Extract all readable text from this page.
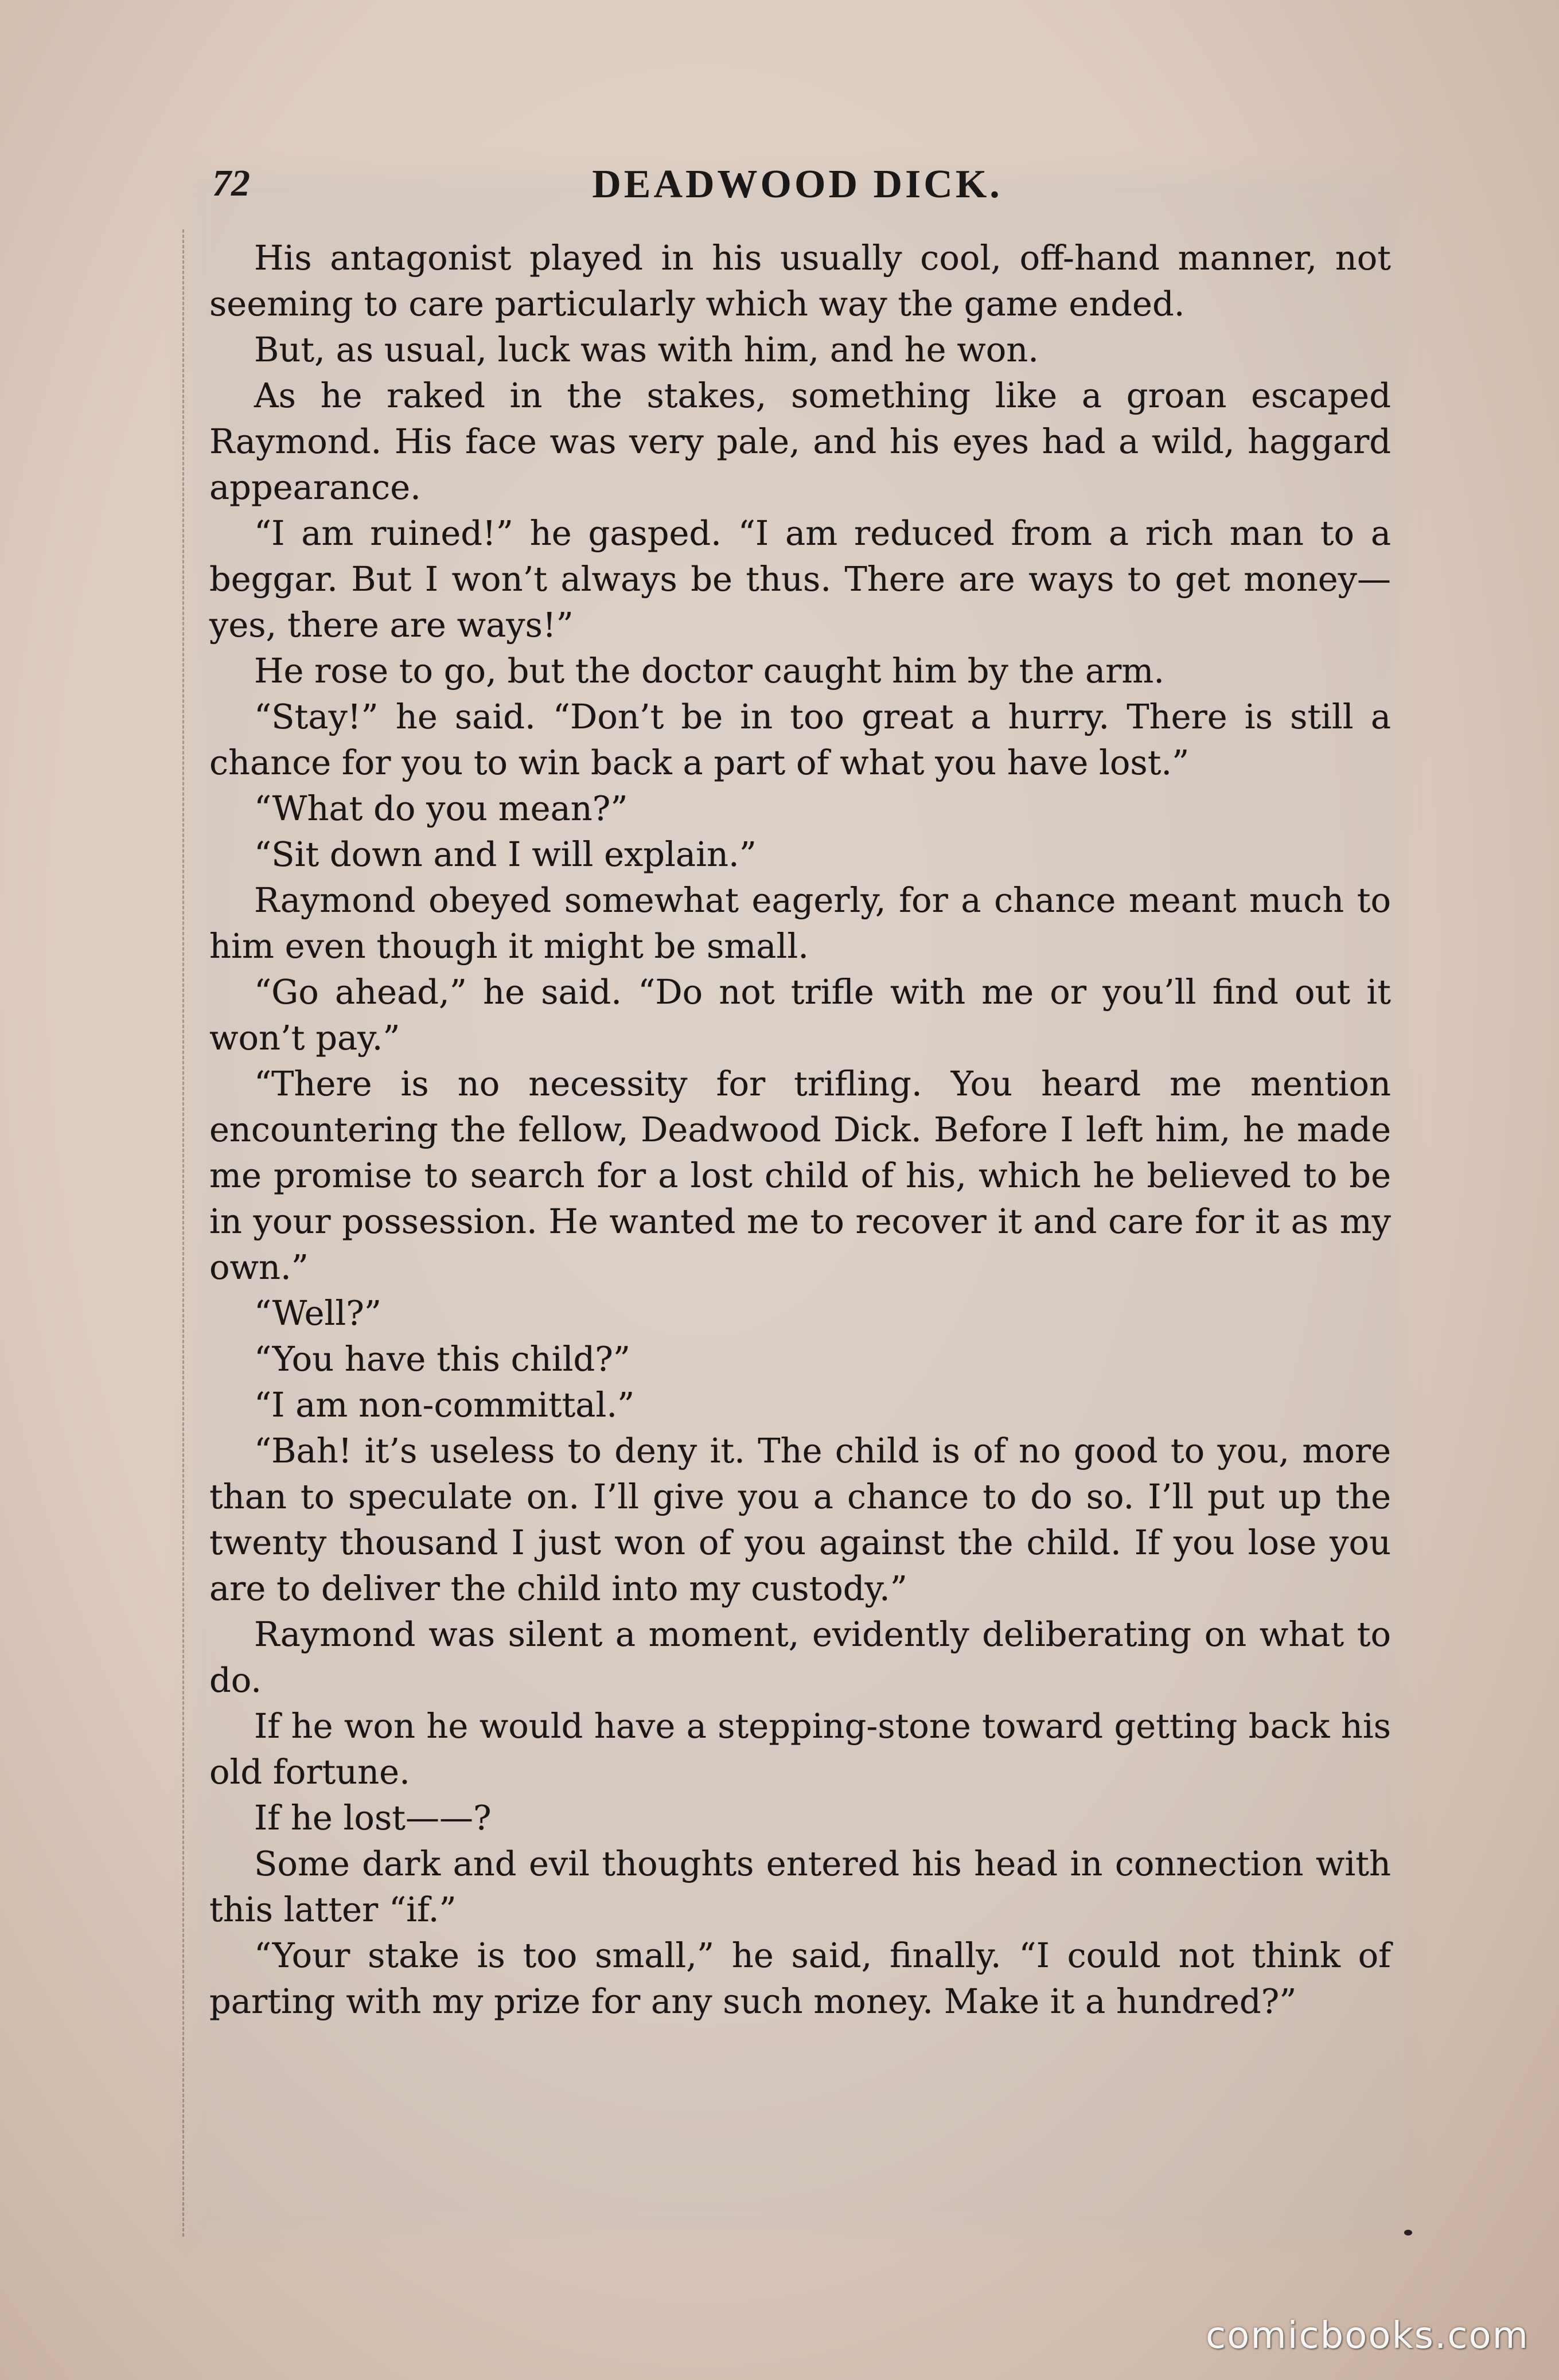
72	DEADWOOD DICK.

His antagonist played in his usually cool, off-hand manner, not seeming to care particularly which way the game ended.

But, as usual, luck was with him, and he won.

As he raked in the stakes, something like a groan escaped Raymond. His face was very pale, and his eyes had a wild, haggard appearance.

“I am ruined!” he gasped. “I am reduced from a rich man to a beggar. But I won’t always be thus. There are ways to get money—yes, there are ways!”

He rose to go, but the doctor caught him by the arm.

“Stay!” he said. “Don’t be in too great a hurry. There is still a chance for you to win back a part of what you have lost.”

“What do you mean?”

“Sit down and I will explain.”

Raymond obeyed somewhat eagerly, for a chance meant much to him even though it might be small.

“Go ahead,” he said. “Do not trifle with me or you’ll find out it won’t pay.”

“There is no necessity for trifling. You heard me mention encountering the fellow, Deadwood Dick. Before I left him, he made me promise to search for a lost child of his, which he believed to be in your possession. He wanted me to recover it and care for it as my own.”

“Well?”

“You have this child?”

“I am non-committal.”

“Bah! it’s useless to deny it. The child is of no good to you, more than to speculate on. I’ll give you a chance to do so. I’ll put up the twenty thousand I just won of you against the child. If you lose you are to deliver the child into my custody.”

Raymond was silent a moment, evidently deliberating on what to do.

If he won he would have a stepping-stone toward getting back his old fortune.

If he lost——?

Some dark and evil thoughts entered his head in connection with this latter “if.”

“Your stake is too small,” he said, finally. “I could not think of parting with my prize for any such money. Make it a hundred?”

comicbooks.com
